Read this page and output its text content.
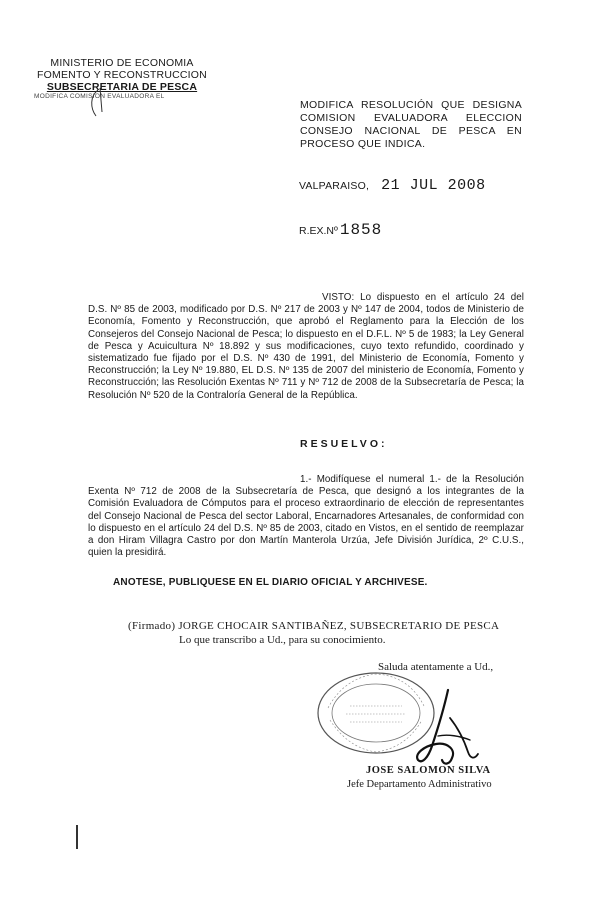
MINISTERIO DE ECONOMIA
FOMENTO Y RECONSTRUCCION
SUBSECRETARIA DE PESCA
MODIFICA COMISION EVALUADORA EL
MODIFICA RESOLUCIÓN QUE DESIGNA COMISION EVALUADORA ELECCION CONSEJO NACIONAL DE PESCA EN PROCESO QUE INDICA.
VALPARAISO, 21 JUL 2008
R.EX.Nº 1858
VISTO: Lo dispuesto en el artículo 24 del D.S. Nº 85 de 2003, modificado por D.S. Nº 217 de 2003 y Nº 147 de 2004, todos de Ministerio de Economía, Fomento y Reconstrucción, que aprobó el Reglamento para la Elección de los Consejeros del Consejo Nacional de Pesca; lo dispuesto en el D.F.L. Nº 5 de 1983; la Ley General de Pesca y Acuicultura Nº 18.892 y sus modificaciones, cuyo texto refundido, coordinado y sistematizado fue fijado por el D.S. Nº 430 de 1991, del Ministerio de Economía, Fomento y Reconstrucción; la Ley Nº 19.880, EL D.S. Nº 135 de 2007 del ministerio de Economía, Fomento y Reconstrucción; las Resolución Exentas Nº 711 y Nº 712 de 2008 de la Subsecretaría de Pesca; la Resolución Nº 520 de la Contraloría General de la República.
RESUELVO:
1.- Modifíquese el numeral 1.- de la Resolución Exenta Nº 712 de 2008 de la Subsecretaría de Pesca, que designó a los integrantes de la Comisión Evaluadora de Cómputos para el proceso extraordinario de elección de representantes del Consejo Nacional de Pesca del sector Laboral, Encarnadores Artesanales, de conformidad con lo dispuesto en el artículo 24 del D.S. Nº 85 de 2003, citado en Vistos, en el sentido de reemplazar a don Hiram Villagra Castro por don Martín Manterola Urzúa, Jefe División Jurídica, 2º C.U.S., quien la presidirá.
ANOTESE, PUBLIQUESE EN EL DIARIO OFICIAL Y ARCHIVESE.
(Firmado) JORGE CHOCAIR SANTIBAÑEZ, SUBSECRETARIO DE PESCA
Lo que transcribo a Ud., para su conocimiento.
Saluda atentamente a Ud.,
JOSE SALOMON SILVA
Jefe Departamento Administrativo
